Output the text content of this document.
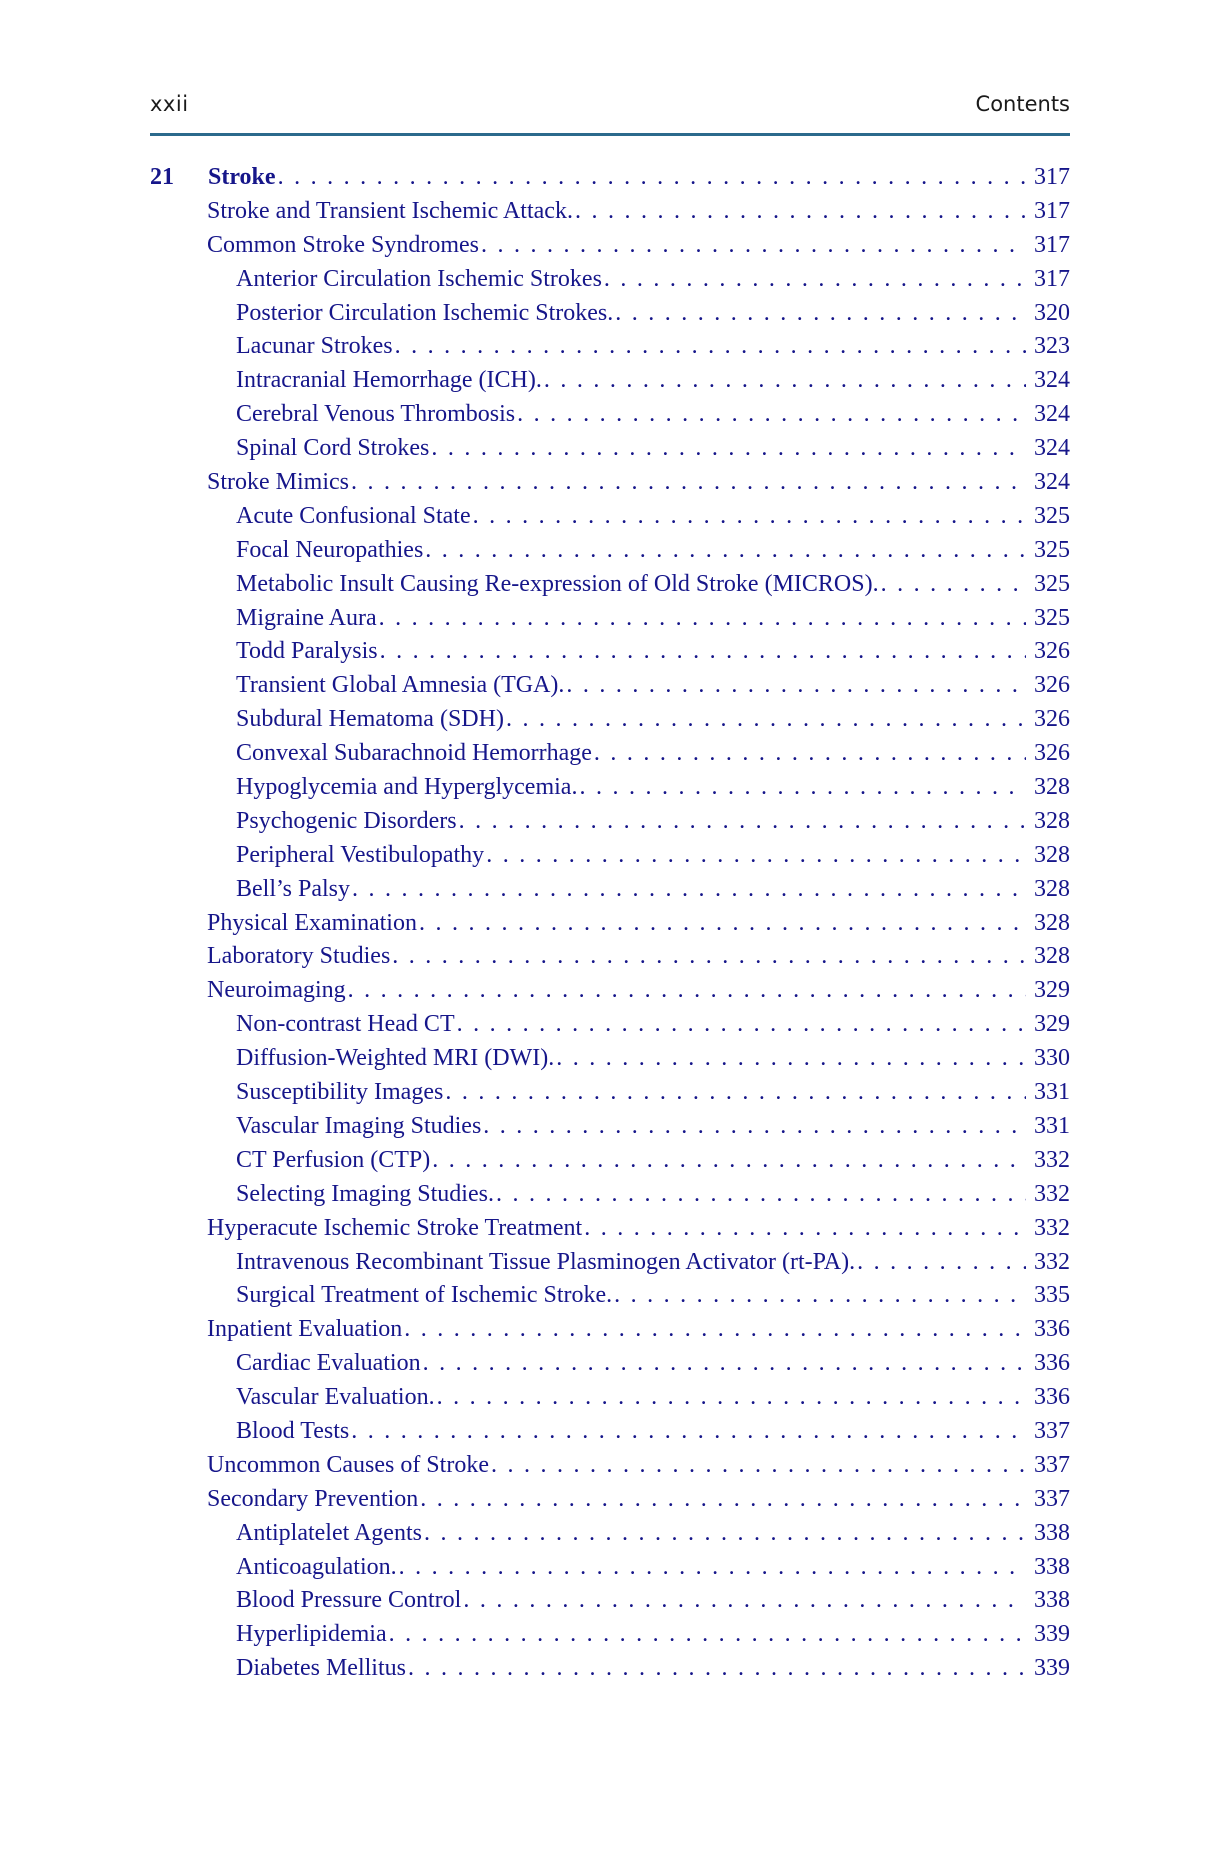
xxii	Contents
21 Stroke . . .	317
Stroke and Transient Ischemic Attack. . . .	317
Common Stroke Syndromes . . .	317
Anterior Circulation Ischemic Strokes . . .	317
Posterior Circulation Ischemic Strokes. . . .	320
Lacunar Strokes . . .	323
Intracranial Hemorrhage (ICH). . . .	324
Cerebral Venous Thrombosis . . .	324
Spinal Cord Strokes . . .	324
Stroke Mimics . . .	324
Acute Confusional State . . .	325
Focal Neuropathies . . .	325
Metabolic Insult Causing Re-expression of Old Stroke (MICROS). . . .	325
Migraine Aura . . .	325
Todd Paralysis . . .	326
Transient Global Amnesia (TGA). . . .	326
Subdural Hematoma (SDH) . . .	326
Convexal Subarachnoid Hemorrhage . . .	326
Hypoglycemia and Hyperglycemia. . . .	328
Psychogenic Disorders . . .	328
Peripheral Vestibulopathy . . .	328
Bell’s Palsy . . .	328
Physical Examination . . .	328
Laboratory Studies . . .	328
Neuroimaging . . .	329
Non-contrast Head CT . . .	329
Diffusion-Weighted MRI (DWI). . . .	330
Susceptibility Images . . .	331
Vascular Imaging Studies . . .	331
CT Perfusion (CTP) . . .	332
Selecting Imaging Studies. . . .	332
Hyperacute Ischemic Stroke Treatment . . .	332
Intravenous Recombinant Tissue Plasminogen Activator (rt-PA). . . .	332
Surgical Treatment of Ischemic Stroke. . . .	335
Inpatient Evaluation . . .	336
Cardiac Evaluation . . .	336
Vascular Evaluation. . . .	336
Blood Tests . . .	337
Uncommon Causes of Stroke . . .	337
Secondary Prevention . . .	337
Antiplatelet Agents . . .	338
Anticoagulation. . . .	338
Blood Pressure Control . . .	338
Hyperlipidemia . . .	339
Diabetes Mellitus . . .	339
